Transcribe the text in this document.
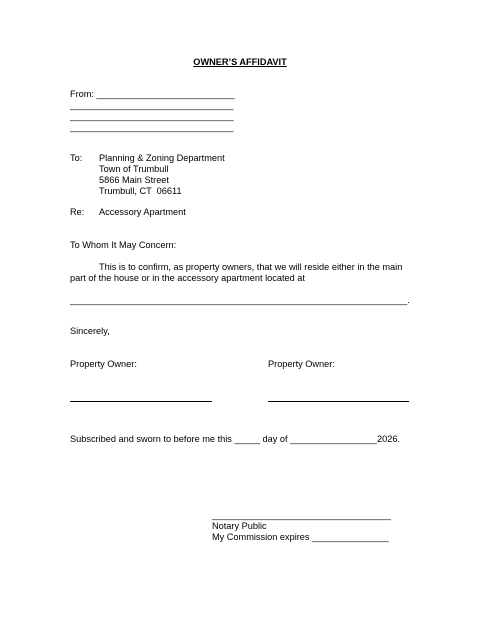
OWNER’S AFFIDAVIT
From: ___________________________
________________________________
________________________________
________________________________
To: Planning & Zoning Department
Town of Trumbull
5866 Main Street
Trumbull, CT  06611
Re: Accessory Apartment
To Whom It May Concern:
This is to confirm, as property owners, that we will reside either in the main
part of the house or in the accessory apartment located at
__________________________________________________________________.
Sincerely,
Property Owner:	Property Owner:
Subscribed and sworn to before me this _____ day of _________________2026.
___________________________________
Notary Public
My Commission expires _______________
